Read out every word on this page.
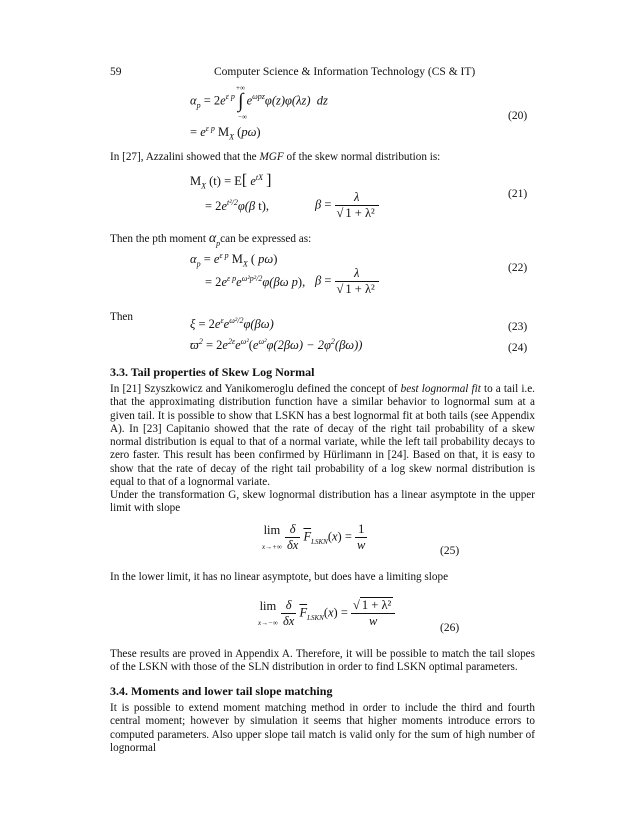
59	Computer Science & Information Technology (CS & IT)
$\alpha_p = 2e^{\varepsilon p}$ ∫ $e^{\omega pz}\varphi(z)\varphi(\lambda z)$  dz
+∞
−∞
= $e^{\varepsilon p}$ $M_X$ (pω)
(20)
In [27], Azzalini showed that the MGF of the skew normal distribution is:
$M_X$ (t) = E[ $e^{tX}$ ]
= $2e^{t^2/2}\varphi(\beta$ t),	$\beta = \frac{\lambda}{\text{√ 1 + λ²}}$	(21)
Then the pth moment $\alpha_pcan$ be expressed as:
$\alpha_p = e^{\varepsilon p}$ $M_X$ ( pω)
= $2e^{\varepsilon p}e^{\omega^2p^2/2}\varphi(\beta\omega$ p), $\beta = \frac{\lambda}{\text{√ 1 + λ²}}$	(22)
Then
$\xi = 2e^\varepsilon e^{\omega^2/2}\varphi(\beta\omega)$	(23)
$ϖ^2 = 2e^{2\varepsilon}e^{\omega^2}(e^{\omega^2}\varphi(2\beta\omega) - 2\varphi^2(\beta\omega))$	(24)
3.3. Tail properties of Skew Log Normal
In [21] Szyszkowicz and Yanikomeroglu defined the concept of best lognormal fit to a tail i.e. that the approximating distribution function have a similar behavior to lognormal sum at a given tail. It is possible to show that LSKN has a best lognormal fit at both tails (see Appendix A). In [23] Capitanio showed that the rate of decay of the right tail probability of a skew normal distribution is equal to that of a normal variate, while the left tail probability decays to zero faster. This result has been confirmed by Hürlimann in [24]. Based on that, it is easy to show that the rate of decay of the right tail probability of a log skew normal distribution is equal to that of a lognormal variate.
Under the transformation G, skew lognormal distribution has a linear asymptote in the upper limit with slope
lim
$x\to+\infty \frac{\delta}{\delta x} \overline{F}_{LSKN}(x) = \frac{1}{w}$	(25)
In the lower limit, it has no linear asymptote, but does have a limiting slope
lim
$x\to-\infty \frac{\delta}{\delta x} \overline{F}_{LSKN}(x) = \frac{\text{√ 1 + λ²}}{w}$	(26)
These results are proved in Appendix A. Therefore, it will be possible to match the tail slopes of the LSKN with those of the SLN distribution in order to find LSKN optimal parameters.
3.4. Moments and lower tail slope matching
It is possible to extend moment matching method in order to include the third and fourth central moment; however by simulation it seems that higher moments introduce errors to computed parameters. Also upper slope tail match is valid only for the sum of high number of lognormal
